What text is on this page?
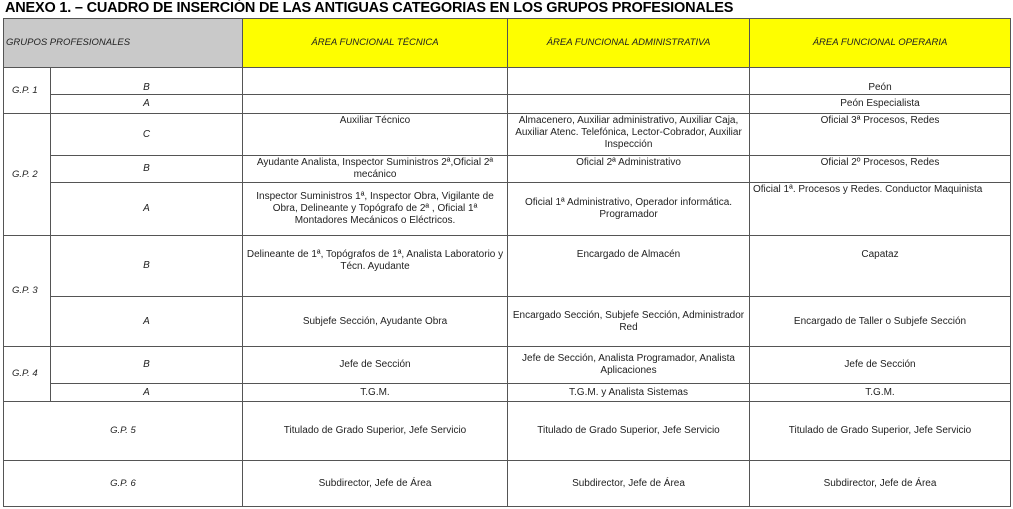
ANEXO 1. – CUADRO DE INSERCIÓN DE LAS ANTIGUAS CATEGORIAS EN LOS GRUPOS PROFESIONALES
GRUPOS PROFESIONALES		ÁREA FUNCIONAL TÉCNICA	ÁREA FUNCIONAL ADMINISTRATIVA	ÁREA FUNCIONAL OPERARIA
G.P. 1	B			Peón
	A			Peón Especialista
G.P. 2	C	Auxiliar Técnico	Almacenero, Auxiliar administrativo, Auxiliar Caja, Auxiliar Atenc. Telefónica, Lector-Cobrador, Auxiliar Inspección	Oficial 3ª Procesos, Redes
	B	Ayudante Analista, Inspector Suministros 2ª,Oficial 2ª mecánico	Oficial 2ª Administrativo	Oficial 2º Procesos, Redes
	A	Inspector Suministros 1ª, Inspector Obra, Vigilante de Obra, Delineante y Topógrafo de 2ª , Oficial 1ª Montadores Mecánicos o Eléctricos.	Oficial 1ª Administrativo, Operador informática. Programador	Oficial 1ª. Procesos y Redes. Conductor Maquinista
G.P. 3	B	Delineante de 1ª, Topógrafos de 1ª, Analista Laboratorio y Técn. Ayudante	Encargado de Almacén	Capataz
	A	Subjefe Sección, Ayudante Obra	Encargado Sección, Subjefe Sección, Administrador Red	Encargado de Taller o Subjefe Sección
G.P. 4	B	Jefe de Sección	Jefe de Sección, Analista Programador, Analista Aplicaciones	Jefe de Sección
	A	T.G.M.	T.G.M. y Analista Sistemas	T.G.M.
G.P. 5		Titulado de Grado Superior, Jefe Servicio	Titulado de Grado Superior, Jefe Servicio	Titulado de Grado Superior, Jefe Servicio
G.P. 6		Subdirector, Jefe de Área	Subdirector, Jefe de Área	Subdirector, Jefe de Área
